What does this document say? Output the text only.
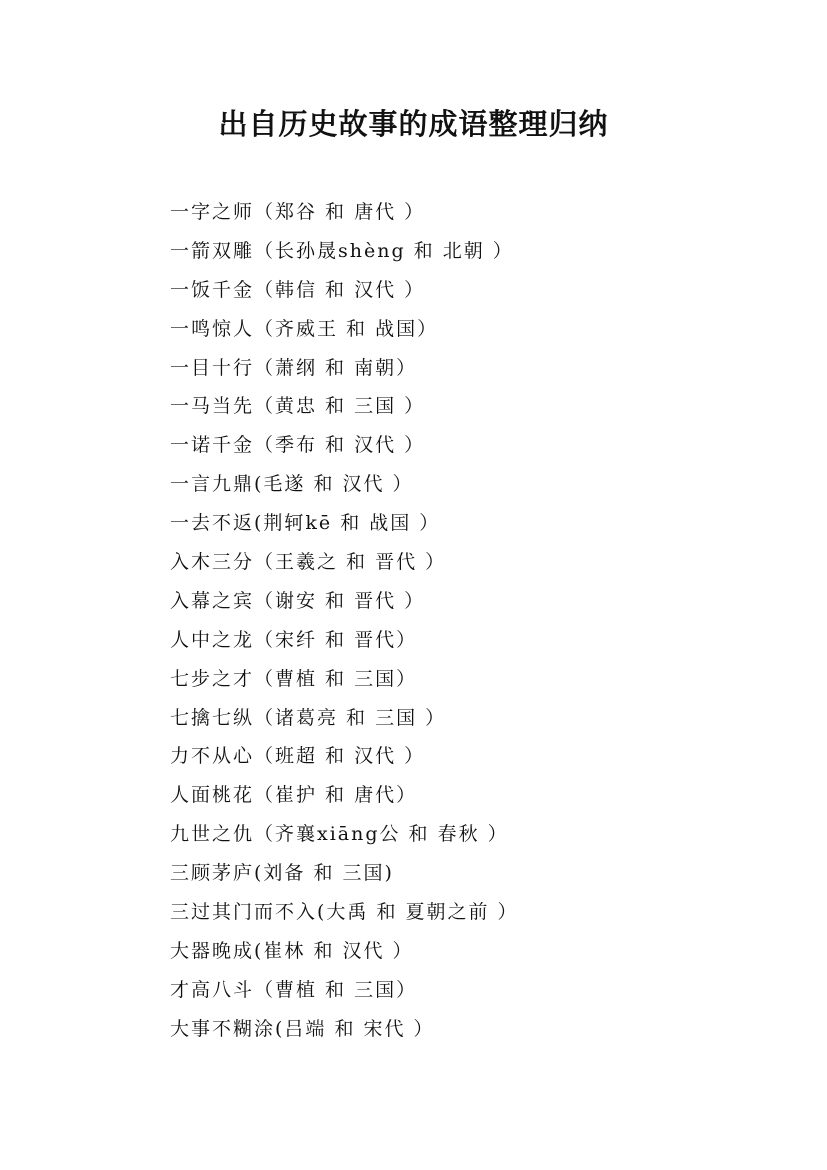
出自历史故事的成语整理归纳
一字之师（郑谷 和 唐代 ）
一箭双雕（长孙晟shèng 和 北朝 ）
一饭千金（韩信 和 汉代 ）
一鸣惊人（齐威王 和 战国）
一目十行（萧纲 和 南朝）
一马当先（黄忠 和 三国 ）
一诺千金（季布 和 汉代 ）
一言九鼎(毛遂 和 汉代 ）
一去不返(荆轲kē 和 战国 ）
入木三分（王羲之 和 晋代 ）
入幕之宾（谢安 和 晋代 ）
人中之龙（宋纤 和 晋代）
七步之才（曹植 和 三国）
七擒七纵（诸葛亮 和 三国 ）
力不从心（班超 和 汉代 ）
人面桃花（崔护 和 唐代）
九世之仇（齐襄xiāng公 和 春秋 ）
三顾茅庐(刘备 和 三国)
三过其门而不入(大禹 和 夏朝之前 ）
大器晚成(崔林 和 汉代 ）
才高八斗（曹植 和 三国）
大事不糊涂(吕端 和 宋代 ）
